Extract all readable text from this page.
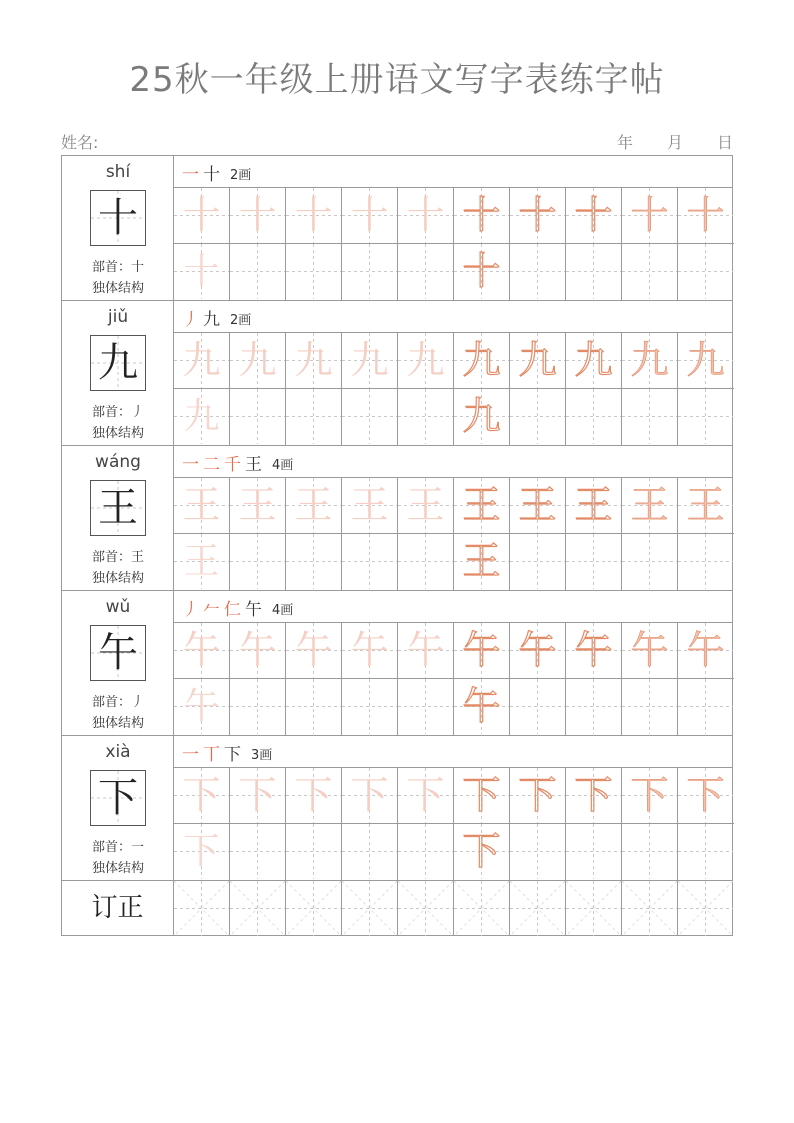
25秋一年级上册语文写字表练字帖
姓名:	年 月 日
shí
十
部首：十
独体结构
一 十 2画
十 十 十 十 十 十 十 十 十 十
十	十
jiǔ
九
部首：丿
独体结构
丿 九 2画
九 九 九 九 九 九 九 九 九 九
九	九
wáng
王
部首：王
独体结构
一 二 千 王 4画
王 王 王 王 王 王 王 王 王 王
王	王
wǔ
午
部首：丿
独体结构
丿 𠂉 仁 午 4画
午 午 午 午 午 午 午 午 午 午
午	午
xià
下
部首：一
独体结构
一 丅 下 3画
下 下 下 下 下 下 下 下 下 下
下	下
订正
